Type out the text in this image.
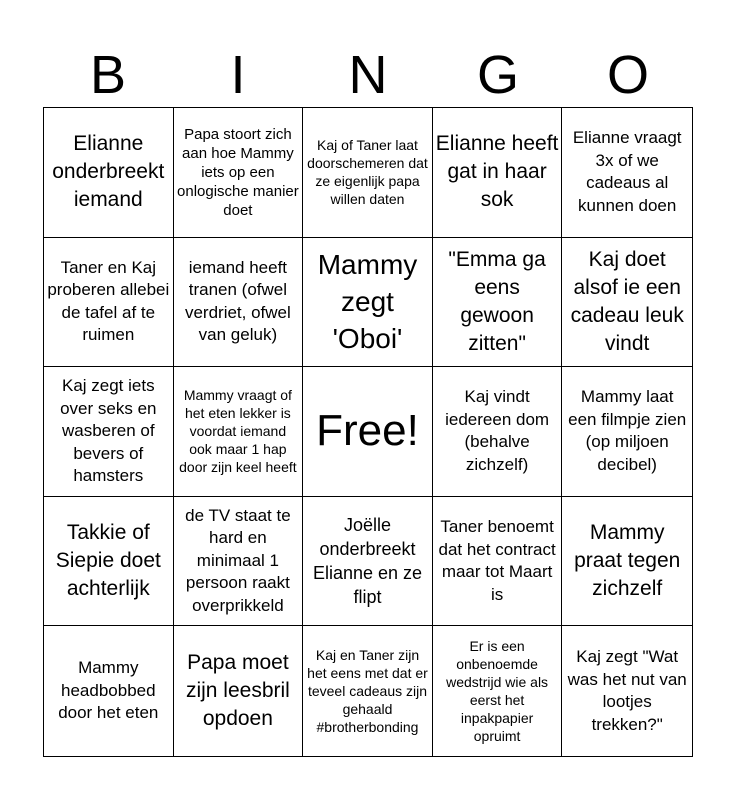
B	I	N	G	O
Elianne onderbreekt iemand
Papa stoort zich aan hoe Mammy iets op een onlogische manier doet
Kaj of Taner laat doorschemeren dat ze eigenlijk papa willen daten
Elianne heeft gat in haar sok
Elianne vraagt 3x of we cadeaus al kunnen doen
Taner en Kaj proberen allebei de tafel af te ruimen
iemand heeft tranen (ofwel verdriet, ofwel van geluk)
Mammy zegt 'Oboi'
"Emma ga eens gewoon zitten"
Kaj doet alsof ie een cadeau leuk vindt
Kaj zegt iets over seks en wasberen of bevers of hamsters
Mammy vraagt of het eten lekker is voordat iemand ook maar 1 hap door zijn keel heeft
Free!
Kaj vindt iedereen dom (behalve zichzelf)
Mammy laat een filmpje zien (op miljoen decibel)
Takkie of Siepie doet achterlijk
de TV staat te hard en minimaal 1 persoon raakt overprikkeld
Joëlle onderbreekt Elianne en ze flipt
Taner benoemt dat het contract maar tot Maart is
Mammy praat tegen zichzelf
Mammy headbobbed door het eten
Papa moet zijn leesbril opdoen
Kaj en Taner zijn het eens met dat er teveel cadeaus zijn gehaald #brotherbonding
Er is een onbenoemde wedstrijd wie als eerst het inpakpapier opruimt
Kaj zegt "Wat was het nut van lootjes trekken?"
